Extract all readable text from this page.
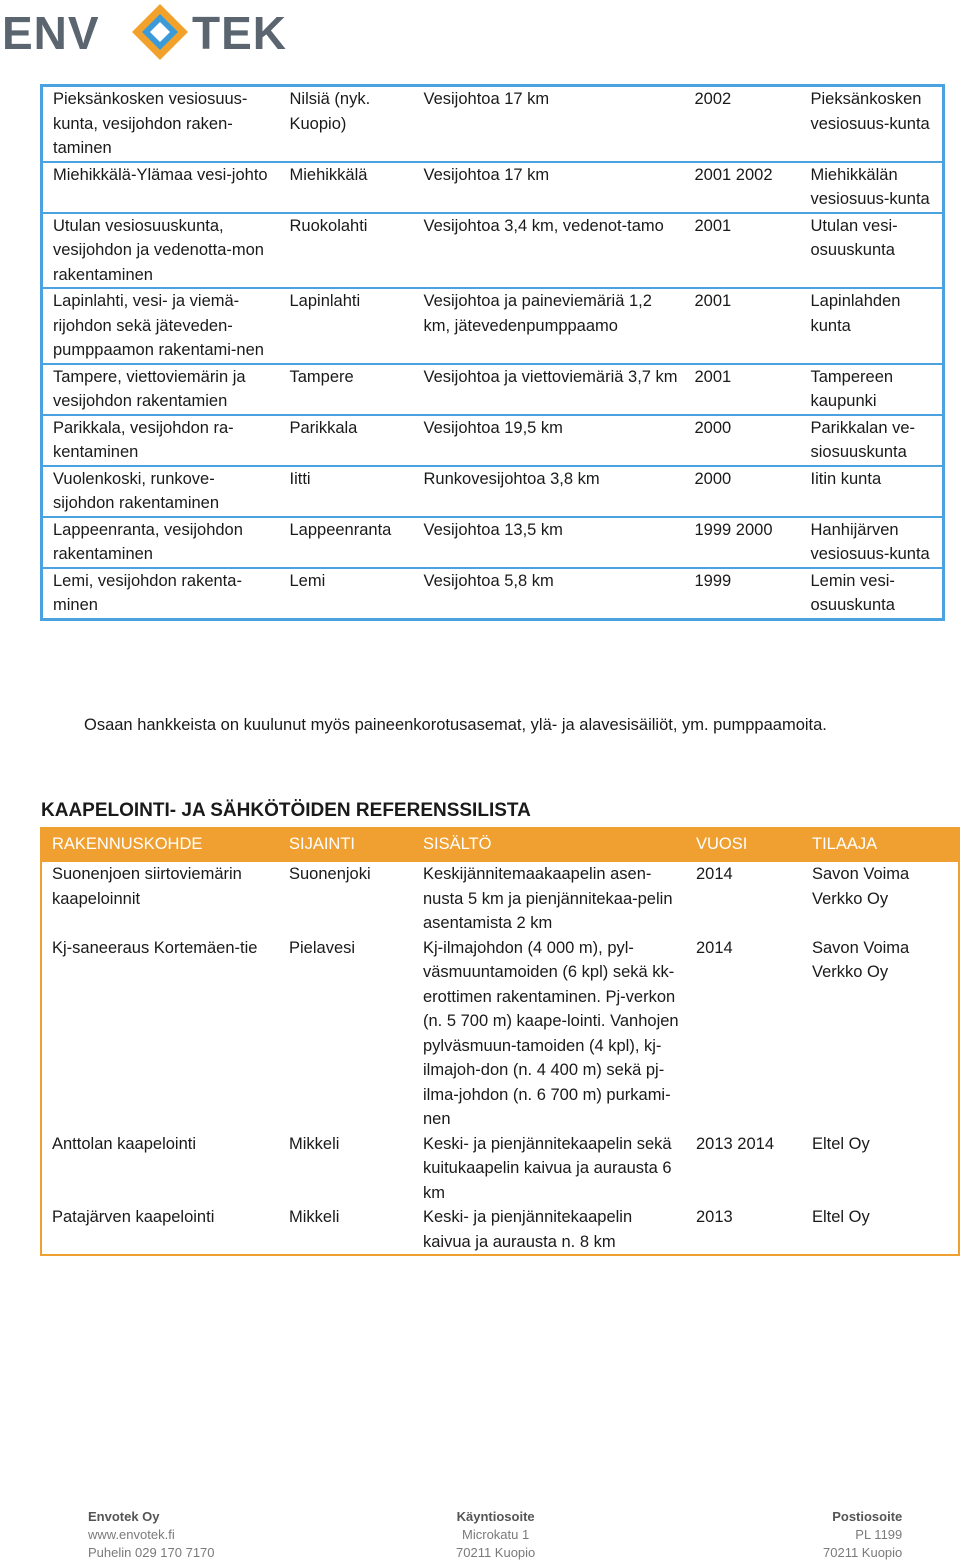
ENV TEK
Pieksänkosken vesiosuus-kunta, vesijohdon raken-taminen	Nilsiä (nyk. Kuopio)	Vesijohtoa 17 km	2002	Pieksänkosken vesiosuus-kunta
Miehikkälä-Ylämaa vesi-johto	Miehikkälä	Vesijohtoa 17 km	2001 2002	Miehikkälän vesiosuus-kunta
Utulan vesiosuuskunta, vesijohdon ja vedenotta-mon rakentaminen	Ruokolahti	Vesijohtoa 3,4 km, vedenot-tamo	2001	Utulan vesi-osuuskunta
Lapinlahti, vesi- ja viemä-rijohdon sekä jäteveden-pumppaamon rakentami-nen	Lapinlahti	Vesijohtoa ja paineviemäriä 1,2 km, jätevedenpumppaamo	2001	Lapinlahden kunta
Tampere, viettoviemärin ja vesijohdon rakentamien	Tampere	Vesijohtoa ja viettoviemäriä 3,7 km	2001	Tampereen kaupunki
Parikkala, vesijohdon ra-kentaminen	Parikkala	Vesijohtoa 19,5 km	2000	Parikkalan ve-siosuuskunta
Vuolenkoski, runkove-sijohdon rakentaminen	Iitti	Runkovesijohtoa 3,8 km	2000	Iitin kunta
Lappeenranta, vesijohdon rakentaminen	Lappeenranta	Vesijohtoa 13,5 km	1999 2000	Hanhijärven vesiosuus-kunta
Lemi, vesijohdon rakenta-minen	Lemi	Vesijohtoa 5,8 km	1999	Lemin vesi-osuuskunta
Osaan hankkeista on kuulunut myös paineenkorotusasemat, ylä- ja alavesisäiliöt, ym. pumppaamoita.
KAAPELOINTI- JA SÄHKÖTÖIDEN REFERENSSILISTA
RAKENNUSKOHDE	SIJAINTI	SISÄLTÖ	VUOSI	TILAAJA
Suonenjoen siirtoviemärin kaapeloinnit	Suonenjoki	Keskijännitemaakaapelin asen-nusta 5 km ja pienjännitekaa-pelin asentamista 2 km	2014	Savon Voima Verkko Oy
Kj-saneeraus Kortemäen-tie	Pielavesi	Kj-ilmajohdon (4 000 m), pyl-väsmuuntamoiden (6 kpl) sekä kk-erottimen rakentaminen. Pj-verkon (n. 5 700 m) kaape-lointi. Vanhojen pylväsmuun-tamoiden (4 kpl), kj-ilmajoh-don (n. 4 400 m) sekä pj-ilma-johdon (n. 6 700 m) purkami-nen	2014	Savon Voima Verkko Oy
Anttolan kaapelointi	Mikkeli	Keski- ja pienjännitekaapelin sekä kuitukaapelin kaivua ja aurausta 6 km	2013 2014	Eltel Oy
Patajärven kaapelointi	Mikkeli	Keski- ja pienjännitekaapelin kaivua ja aurausta n. 8 km	2013	Eltel Oy
Envotek Oy
www.envotek.fi
Puhelin 029 170 7170
Käyntiosoite
Microkatu 1
70211 Kuopio
Postiosoite
PL 1199
70211 Kuopio
